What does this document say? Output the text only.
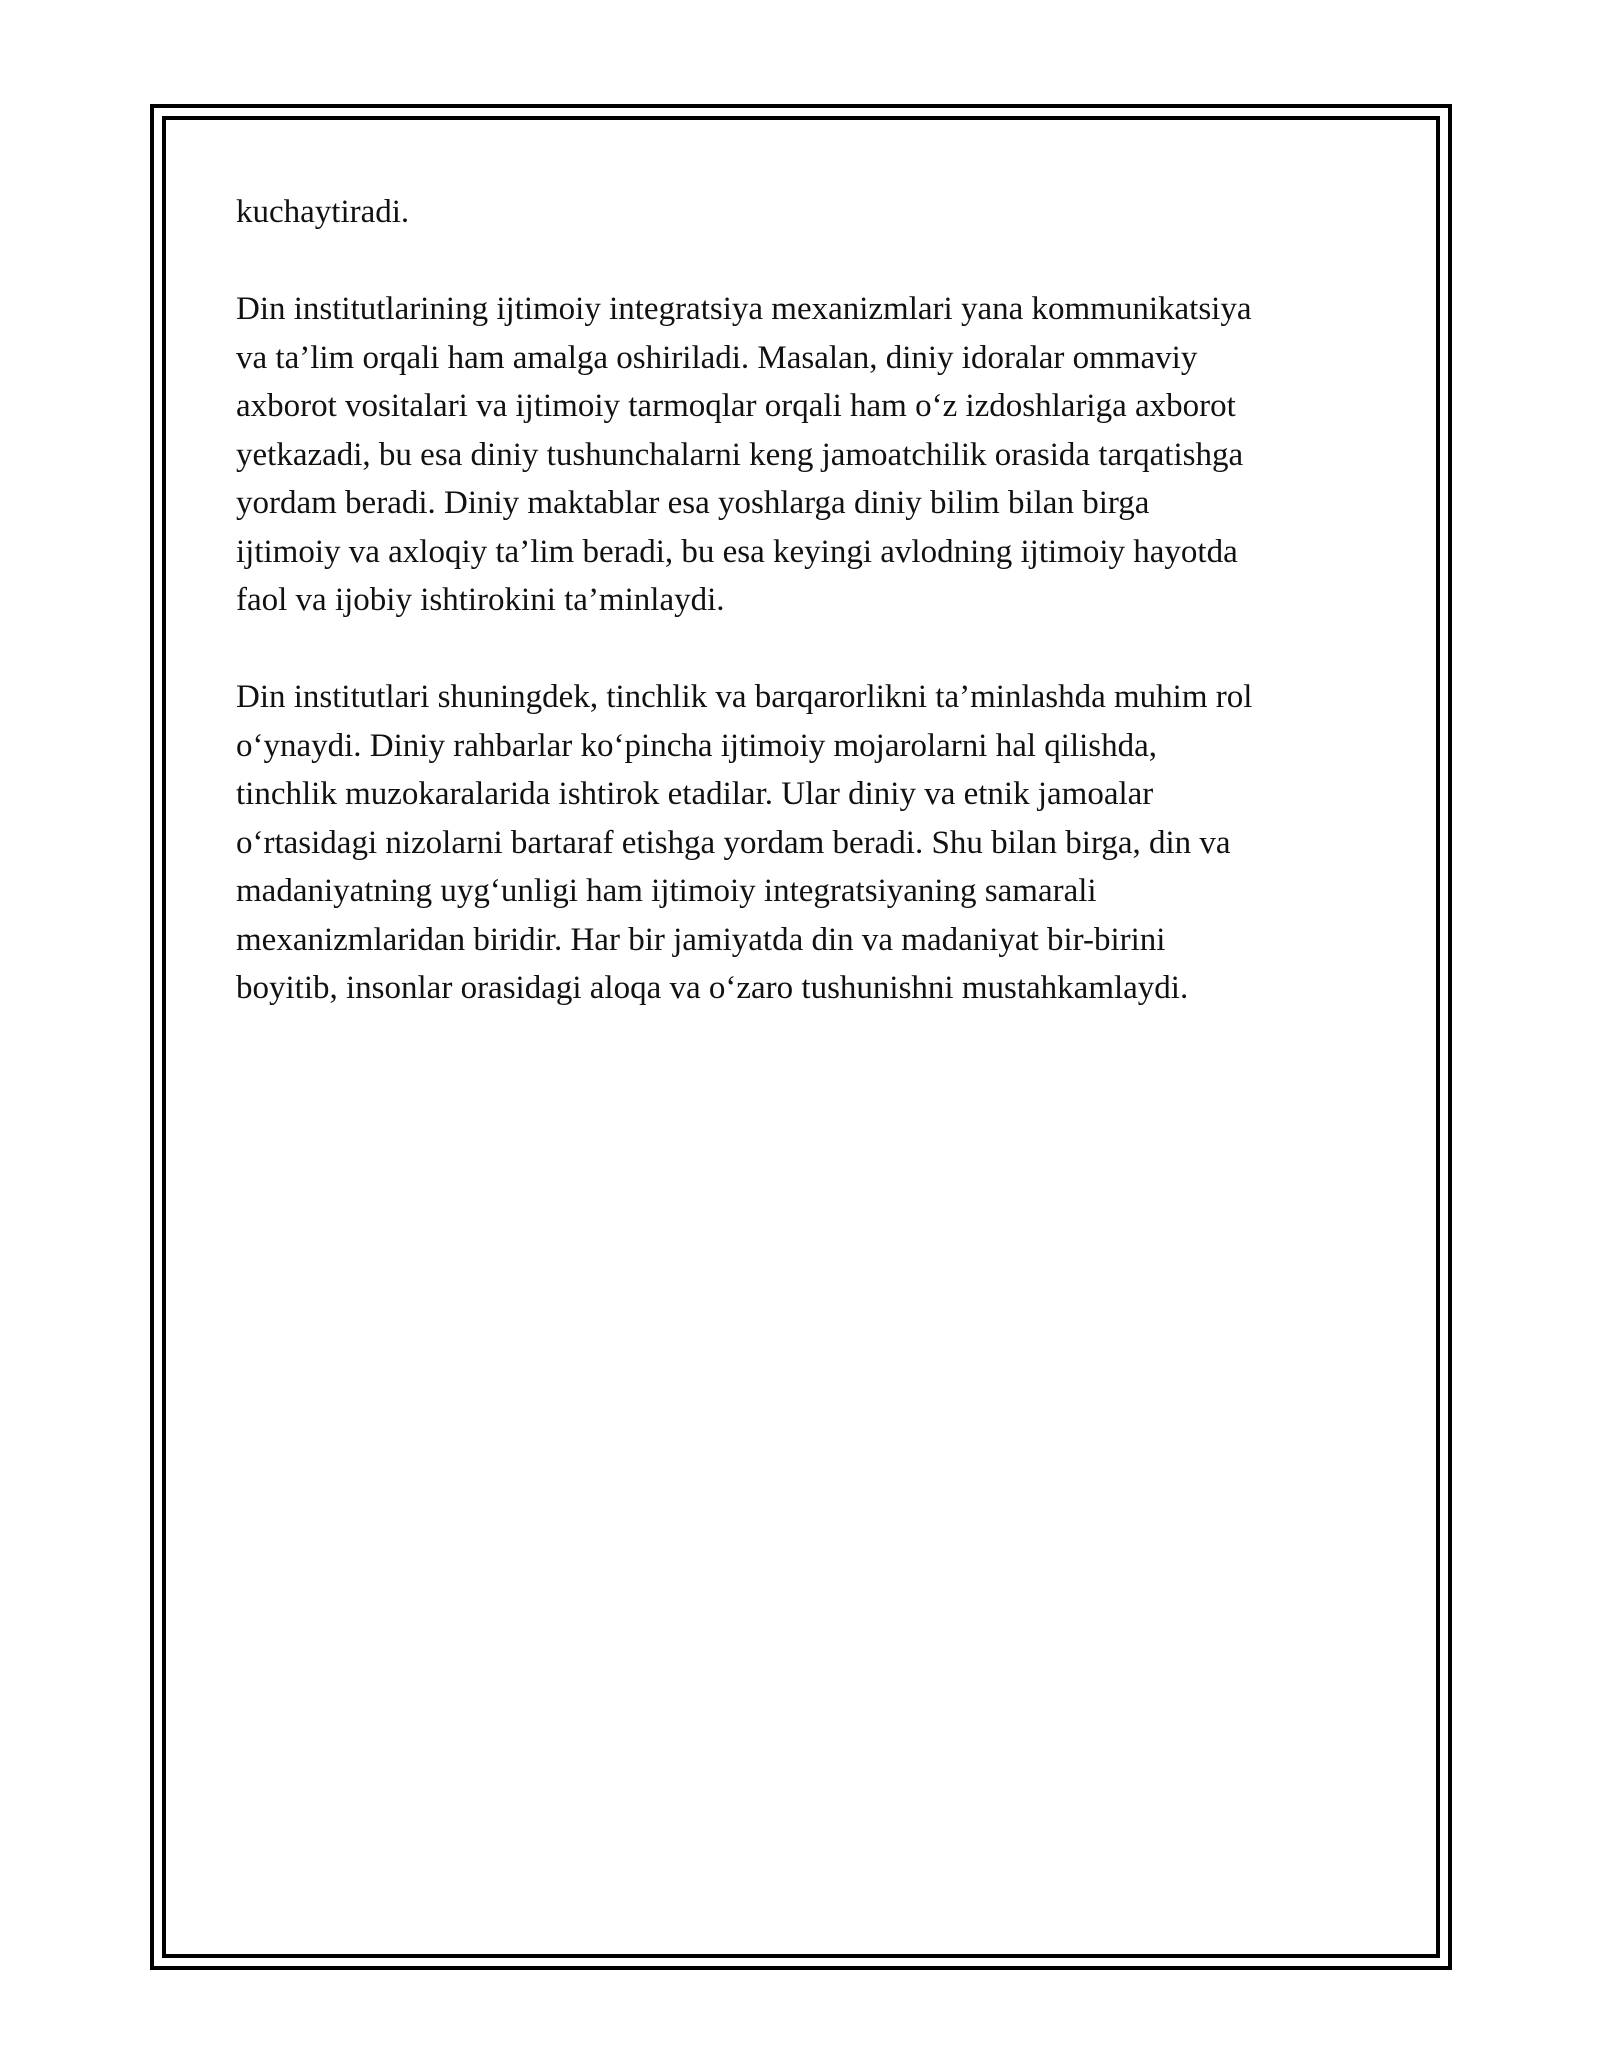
kuchaytiradi.

Din institutlarining ijtimoiy integratsiya mexanizmlari yana kommunikatsiya
va ta’lim orqali ham amalga oshiriladi. Masalan, diniy idoralar ommaviy
axborot vositalari va ijtimoiy tarmoqlar orqali ham o‘z izdoshlariga axborot
yetkazadi, bu esa diniy tushunchalarni keng jamoatchilik orasida tarqatishga
yordam beradi. Diniy maktablar esa yoshlarga diniy bilim bilan birga
ijtimoiy va axloqiy ta’lim beradi, bu esa keyingi avlodning ijtimoiy hayotda
faol va ijobiy ishtirokini ta’minlaydi.

Din institutlari shuningdek, tinchlik va barqarorlikni ta’minlashda muhim rol
o‘ynaydi. Diniy rahbarlar ko‘pincha ijtimoiy mojarolarni hal qilishda,
tinchlik muzokaralarida ishtirok etadilar. Ular diniy va etnik jamoalar
o‘rtasidagi nizolarni bartaraf etishga yordam beradi. Shu bilan birga, din va
madaniyatning uyg‘unligi ham ijtimoiy integratsiyaning samarali
mexanizmlaridan biridir. Har bir jamiyatda din va madaniyat bir-birini
boyitib, insonlar orasidagi aloqa va o‘zaro tushunishni mustahkamlaydi.
